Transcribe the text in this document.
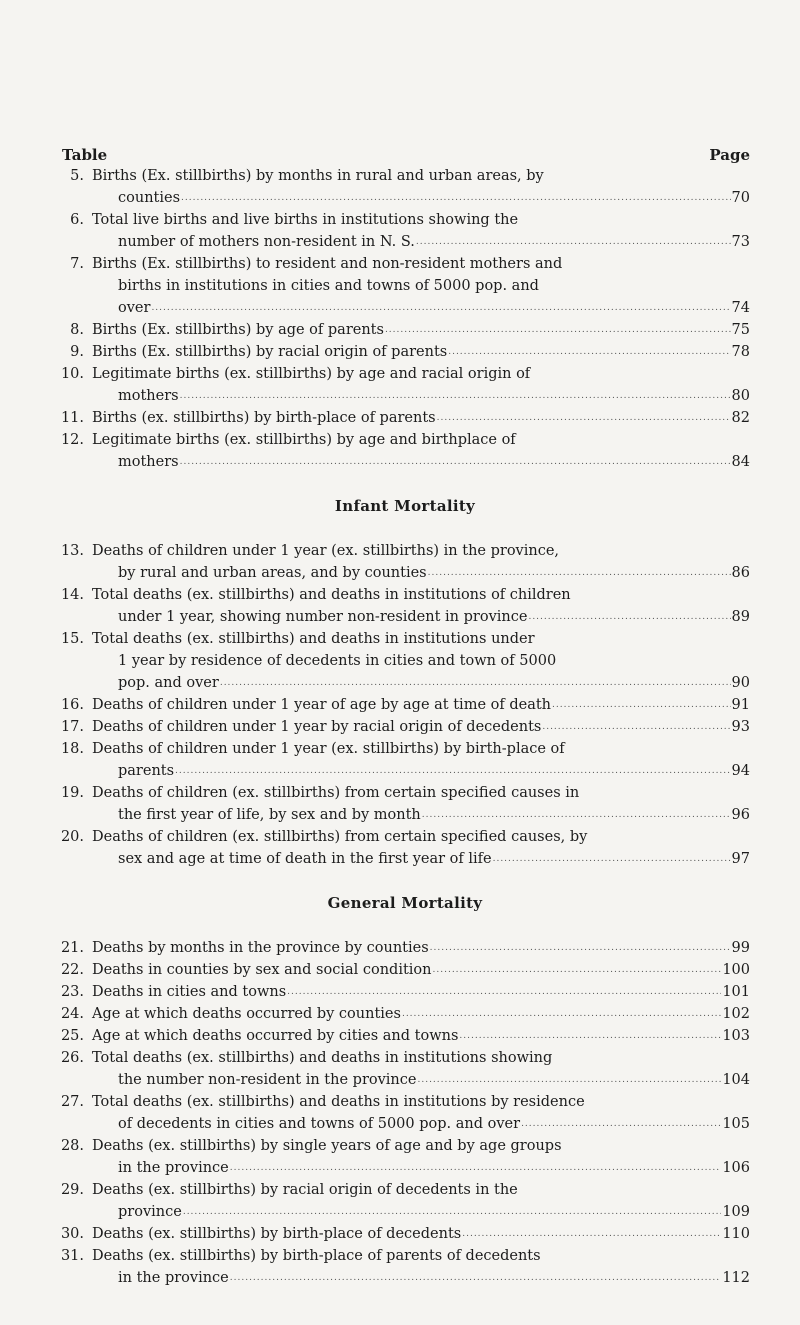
Table	Page
5. Births (Ex. stillbirths) by months in rural and urban areas, by
counties .....	70
6. Total live births and live births in institutions showing the
number of mothers non-resident in N. S. .....	73
7. Births (Ex. stillbirths) to resident and non-resident mothers and
births in institutions in cities and towns of 5000 pop. and
over .....	74
8. Births (Ex. stillbirths) by age of parents .....	75
9. Births (Ex. stillbirths) by racial origin of parents .....	78
10. Legitimate births (ex. stillbirths) by age and racial origin of
mothers .....	80
11. Births (ex. stillbirths) by birth-place of parents .....	82
12. Legitimate births (ex. stillbirths) by age and birthplace of
mothers .....	84
Infant Mortality
13. Deaths of children under 1 year (ex. stillbirths) in the province,
by rural and urban areas, and by counties .....	86
14. Total deaths (ex. stillbirths) and deaths in institutions of children
under 1 year, showing number non-resident in province .....	89
15. Total deaths (ex. stillbirths) and deaths in institutions under
1 year by residence of decedents in cities and town of 5000
pop. and over .....	90
16. Deaths of children under 1 year of age by age at time of death .....	91
17. Deaths of children under 1 year by racial origin of decedents .....	93
18. Deaths of children under 1 year (ex. stillbirths) by birth-place of
parents .....	94
19. Deaths of children (ex. stillbirths) from certain specified causes in
the first year of life, by sex and by month .....	96
20. Deaths of children (ex. stillbirths) from certain specified causes, by
sex and age at time of death in the first year of life .....	97
General Mortality
21. Deaths by months in the province by counties .....	99
22. Deaths in counties by sex and social condition .....	100
23. Deaths in cities and towns .....	101
24. Age at which deaths occurred by counties .....	102
25. Age at which deaths occurred by cities and towns .....	103
26. Total deaths (ex. stillbirths) and deaths in institutions showing
the number non-resident in the province .....	104
27. Total deaths (ex. stillbirths) and deaths in institutions by residence
of decedents in cities and towns of 5000 pop. and over .....	105
28. Deaths (ex. stillbirths) by single years of age and by age groups
in the province .....	106
29. Deaths (ex. stillbirths) by racial origin of decedents in the
province .....	109
30. Deaths (ex. stillbirths) by birth-place of decedents .....	110
31. Deaths (ex. stillbirths) by birth-place of parents of decedents
in the province .....	112
